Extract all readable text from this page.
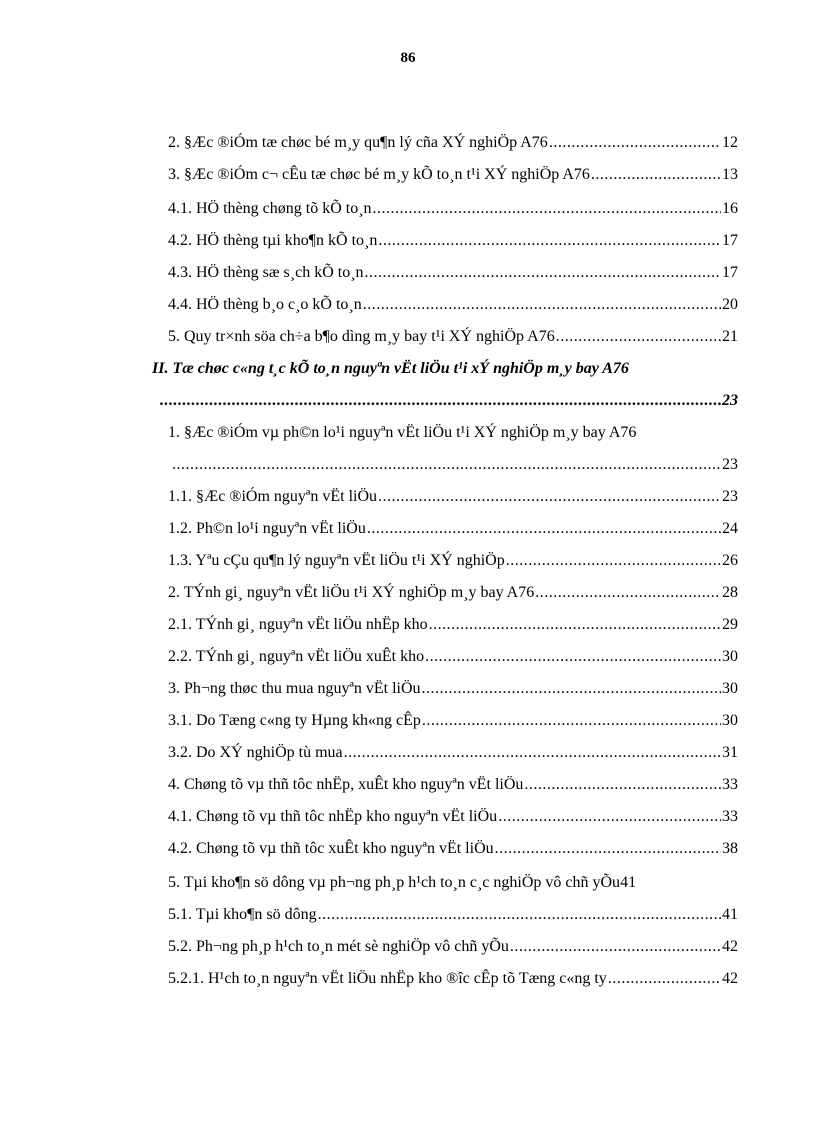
86
2. §Æc ®iÓm tæ chøc bé m¸y qu¶n lý cña XÝ nghiÖp A76 .....	12
3. §Æc ®iÓm c¬ cÊu tæ chøc bé m¸y kÕ to¸n t¹i XÝ nghiÖp A76 .....	13
4.1. HÖ thèng chøng tõ kÕ to¸n .....	16
4.2. HÖ thèng tµi kho¶n kÕ to¸n .....	17
4.3. HÖ thèng sæ s¸ch kÕ to¸n .....	17
4.4. HÖ thèng b¸o c¸o kÕ to¸n .....	20
5. Quy tr×nh söa ch÷a b¶o dìng m¸y bay t¹i XÝ nghiÖp A76 .....	21
II. Tæ chøc c«ng t¸c kÕ to¸n nguyªn vËt liÖu t¹i xÝ nghiÖp m¸y bay A76
.....
23
1. §Æc ®iÓm vµ ph©n lo¹i nguyªn vËt liÖu t¹i XÝ nghiÖp m¸y bay A76
.....
23
1.1. §Æc ®iÓm nguyªn vËt liÖu .....	23
1.2. Ph©n lo¹i nguyªn vËt liÖu .....	24
1.3. Yªu cÇu qu¶n lý nguyªn vËt liÖu t¹i XÝ nghiÖp .....	26
2. TÝnh gi¸ nguyªn vËt liÖu t¹i XÝ nghiÖp m¸y bay A76 .....	28
2.1. TÝnh gi¸ nguyªn vËt liÖu nhËp kho .....	29
2.2. TÝnh gi¸ nguyªn vËt liÖu xuÊt kho .....	30
3. Ph¬ng thøc thu mua nguyªn vËt liÖu .....	30
3.1. Do Tæng c«ng ty Hµng kh«ng cÊp .....	30
3.2. Do XÝ nghiÖp tù mua .....	31
4. Chøng tõ vµ thñ tôc nhËp, xuÊt kho nguyªn vËt liÖu .....	33
4.1. Chøng tõ vµ thñ tôc nhËp kho nguyªn vËt liÖu .....	33
4.2. Chøng tõ vµ thñ tôc xuÊt kho nguyªn vËt liÖu .....	38
5. Tµi kho¶n sö dông vµ ph¬ng ph¸p h¹ch to¸n c¸c nghiÖp vô chñ yÕu 41
5.1. Tµi kho¶n sö dông .....	41
5.2. Ph¬ng ph¸p h¹ch to¸n mét sè nghiÖp vô chñ yÕu .....	42
5.2.1. H¹ch to¸n nguyªn vËt liÖu nhËp kho ®îc cÊp tõ Tæng c«ng ty .....	42
